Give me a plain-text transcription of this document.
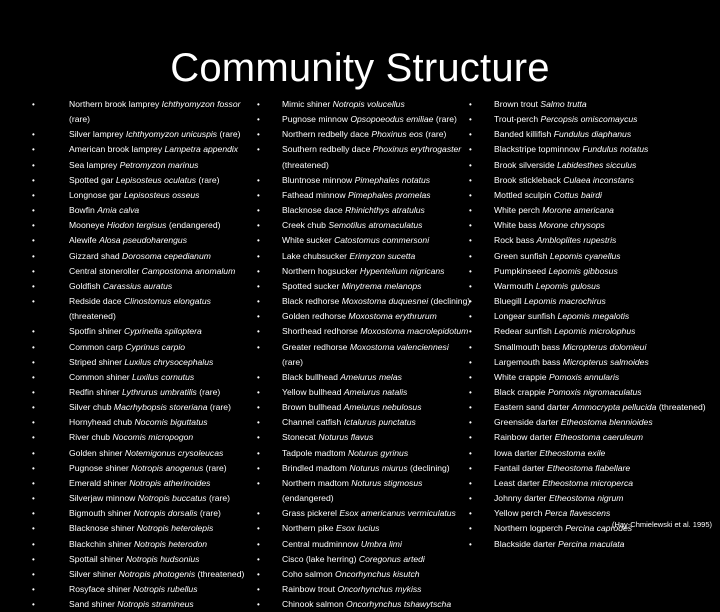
Community Structure
• Northern brook lamprey Ichthyomyzon fossor (rare)
• Silver lamprey Ichthyomyzon unicuspis (rare)
• American brook lamprey Lampetra appendix
• Sea lamprey Petromyzon marinus
• Spotted gar Lepisosteus oculatus (rare)
• Longnose gar Lepisosteus osseus
• Bowfin Amia calva
• Mooneye Hiodon tergisus (endangered)
• Alewife Alosa pseudoharengus
• Gizzard shad Dorosoma cepedianum
• Central stoneroller Campostoma anomalum
• Goldfish Carassius auratus
• Redside dace Clinostomus elongatus (threatened)
• Spotfin shiner Cyprinella spiloptera
• Common carp Cyprinus carpio
• Striped shiner Luxilus chrysocephalus
• Common shiner Luxilus cornutus
• Redfin shiner Lythrurus umbratilis (rare)
• Silver chub Macrhybopsis storeriana (rare)
• Hornyhead chub Nocomis biguttatus
• River chub Nocomis micropogon
• Golden shiner Notemigonus crysoleucas
• Pugnose shiner Notropis anogenus (rare)
• Emerald shiner Notropis atherinoides
• Silverjaw minnow Notropis buccatus (rare)
• Bigmouth shiner Notropis dorsalis (rare)
• Blacknose shiner Notropis heterolepis
• Blackchin shiner Notropis heterodon
• Spottail shiner Notropis hudsonius
• Silver shiner Notropis photogenis (threatened)
• Rosyface shiner Notropis rubellus
• Sand shiner Notropis stramineus
• Mimic shiner Notropis volucellus
• Pugnose minnow Opsopoeodus emiliae (rare)
• Northern redbelly dace Phoxinus eos (rare)
• Southern redbelly dace Phoxinus erythrogaster (threatened)
• Bluntnose minnow Pimephales notatus
• Fathead minnow Pimephales promelas
• Blacknose dace Rhinichthys atratulus
• Creek chub Semotilus atromaculatus
• White sucker Catostomus commersoni
• Lake chubsucker Erimyzon sucetta
• Northern hogsucker Hypentelium nigricans
• Spotted sucker Minytrema melanops
• Black redhorse Moxostoma duquesnei (declining)
• Golden redhorse Moxostoma erythrurum
• Shorthead redhorse Moxostoma macrolepidotum
• Greater redhorse Moxostoma valenciennesi (rare)
• Black bullhead Ameiurus melas
• Yellow bullhead Ameiurus natalis
• Brown bullhead Ameiurus nebulosus
• Channel catfish Ictalurus punctatus
• Stonecat Noturus flavus
• Tadpole madtom Noturus gyrinus
• Brindled madtom Noturus miurus (declining)
• Northern madtom Noturus stigmosus (endangered)
• Grass pickerel Esox americanus vermiculatus
• Northern pike Esox lucius
• Central mudminnow Umbra limi
• Cisco (lake herring) Coregonus artedi
• Coho salmon Oncorhynchus kisutch
• Rainbow trout Oncorhynchus mykiss
• Chinook salmon Oncorhynchus tshawytscha
• Brown trout Salmo trutta
• Trout-perch Percopsis omiscomaycus
• Banded killifish Fundulus diaphanus
• Blackstripe topminnow Fundulus notatus
• Brook silverside Labidesthes sicculus
• Brook stickleback Culaea inconstans
• Mottled sculpin Cottus bairdi
• White perch Morone americana
• White bass Morone chrysops
• Rock bass Ambloplites rupestris
• Green sunfish Lepomis cyanellus
• Pumpkinseed Lepomis gibbosus
• Warmouth Lepomis gulosus
• Bluegill Lepomis macrochirus
• Longear sunfish Lepomis megalotis
• Redear sunfish Lepomis microlophus
• Smallmouth bass Micropterus dolomieui
• Largemouth bass Micropterus salmoides
• White crappie Pomoxis annularis
• Black crappie Pomoxis nigromaculatus
• Eastern sand darter Ammocrypta pellucida (threatened)
• Greenside darter Etheostoma blennioides
• Rainbow darter Etheostoma caeruleum
• Iowa darter Etheostoma exile
• Fantail darter Etheostoma flabellare
• Least darter Etheostoma microperca
• Johnny darter Etheostoma nigrum
• Yellow perch Perca flavescens
• Northern logperch Percina caprodes
• Blackside darter Percina maculata
(Hay-Chmielewski et al. 1995)
